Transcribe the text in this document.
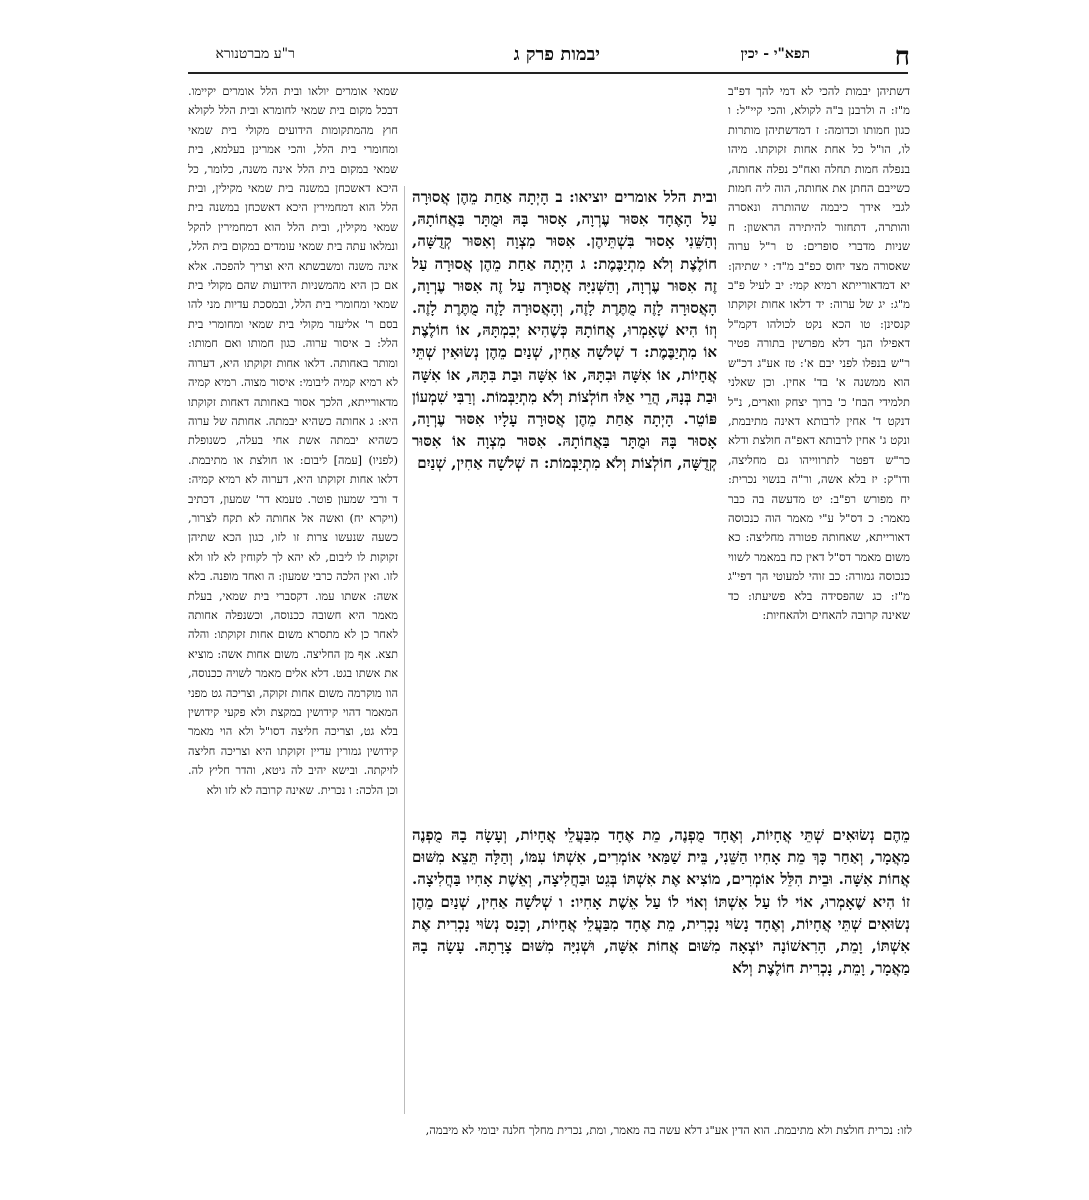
ח
תפא"י - יכין
יבמות פרק ג
ר"ע מברטנורא
דשתיהן יבמות להכי לא דמי להך דפ"ב מ"ז: ה ולרבנן ב"ה לקולא, והכי קיי"ל: ו כגון חמותו וכדומה: ז דמדשתיהן מותרות לו, הו"ל כל אחת אחות זקוקתו. מיהו בנפלה חמות תחלה ואח"כ נפלה אחותה, כשייבם החתן את אחותה, הוה ליה חמות לגבי אידך כיבמה שהותרה ונאסרה והותרה, דתחזור להיתירה הראשון: ח שניות מדברי סופרים: ט ר"ל ערוה שאסורה מצד יחוס כפ"ב מ"ד: י שתיהן: יא דמדאורייתא רמיא קמי: יב לעיל פ"ב מ"ג: יג של ערוה: יד דלאו אחות זקוקתו קנסינן: טו הכא נקט לכולהו דקמ"ל דאפילו הנך דלא מפרשין בתורה פטיר ר"ש בנפלו לפני יבם א': טז אע"ג דכ"ש הוא ממשנה א' בד' אחין. וכן שאלני תלמידי הבח' כ' ברוך יצחק ווארים, נ"ל דנקט ד' אחין לרבותא דאינה מתיבמת, ונקט ג' אחין לרבותא דאפ"ה חולצת ודלא כר"ש דפטר לתרווייהו גם מחליצה, ודו"ק: יז בלא אשה, ור"ה בנשוי נכרית: יח מפורש רפ"ב: יט מדעשה בה כבר מאמר: כ דס"ל ע"י מאמר הוה כנכוסה דאורייתא, שאחותה פטורה מחליצה: כא משום מאמר דס"ל דאין כח במאמר לשווי כנכוסה גמורה: כב זוהי למעוטי הך דפי"ג מ"ז: כג שהפסידה בלא פשיעתו: כד שאינה קרובה להאחים ולהאחיות:
שמאי אומרים יולאו ובית הלל אומרים יקיימו. דבכל מקום בית שמאי לחומרא ובית הלל לקולא חוץ מהמתקומות הידועים מקולי בית שמאי ומחומרי בית הלל, והכי אמרינן בעלמא, בית שמאי במקום בית הלל אינה משנה, כלומר, כל היכא דאשכחן במשנה בית שמאי מקילין, ובית הלל הוא דמחמירין היכא דאשכחן במשנה בית שמאי מקילין, ובית הלל הוא דמחמירין להקל ונמלאו עתה בית שמאי עומדים במקום בית הלל, אינה משנה ומשבשתא היא וצריך להפכה. אלא אם כן היא מהמשניות הידועות שהם מקולי בית שמאי ומחומרי בית הלל, ובמסכת עדיות מני להו בסם ר' אליעזר מקולי בית שמאי ומחומרי בית הלל: ב איסור ערוה. כגון חמותו ואם חמותו: ומותר באחותה. דלאו אחות זקוקתו היא, דערוה לא רמיא קמיה ליבומי: איסור מצוה. רמיא קמיה מדאורייתא, הלכך אסור באחותה דאחות זקוקתו היא: ג אחותה כשהיא יבמתה. אחותה של ערוה כשהיא יבמתה אשת אחי בעלה, כשנופלת (לפניו) [עמה] ליבום: או חולצת או מתיבמת. דלאו אחות זקוקתו היא, דערוה לא רמיא קמיה: ד ורבי שמעון פוטר. טעמא דר' שמעון, דכתיב (ויקרא יח) ואשה אל אחותה לא תקח לצרור, כשעה שנעשו צרות זו לזו, כגון הכא שתיהן זקוקות לו ליבום, לא יהא לך לקוחין לא לזו ולא לזו. ואין הלכה כרבי שמעון: ה ואחד מופנה. בלא אשה: אשתו עמו. דקסברי בית שמאי, בעלת מאמר היא חשובה ככנוסה, וכשנפלה אחותה לאחר כן לא מתסרא משום אחות זקוקתו: והלה תצא. אף מן החליצה. משום אחות אשה: מוציא את אשתו בגט. דלא אלים מאמר לשויה ככנוסה, הוו מוקרמה משום אחות זקוקה, וצריכה גט מפני המאמר דהוי קידושין במקצת ולא פקעי קידושין בלא גט, וצריכה חליצה דסו"ל ולא הוי מאמר קידושין גמורין עדיין זקוקתו היא וצריכה חליצה לזיקתה. ובישא יהיב לה גיטא, והדר חליץ לה. וכן הלכה: ו נכרית. שאינה קרובה לא לזו ולא
ובית הלל אומרים יוציאו: ב הָיְתָה אַחַת מֵהֶן אֲסוּרָה עַל הָאֶחָד אִסּוּר עֶרְוָה, אָסוּר בָּהּ וּמֻתָּר בַּאֲחוֹתָהּ, וְהַשֵּׁנִי אָסוּר בִּשְׁתֵּיהֶן. אִסּוּר מִצְוָה וְאִסּוּר קְדֻשָּׁה, חוֹלֶצֶת וְלֹא מִתְיַבֶּמֶת: ג הָיְתָה אַחַת מֵהֶן אֲסוּרָה עַל זֶה אִסּוּר עֶרְוָה, וְהַשְּׁנִיָּה אֲסוּרָה עַל זֶה אִסּוּר עֶרְוָה, הָאֲסוּרָה לָזֶה מֻתֶּרֶת לָזֶה, וְהָאֲסוּרָה לָזֶה מֻתֶּרֶת לָזֶה. וְזוֹ הִיא שֶׁאָמְרוּ, אֲחוֹתָהּ כְּשֶׁהִיא יְבִמְתָּהּ, אוֹ חוֹלֶצֶת אוֹ מִתְיַבֶּמֶת: ד שְׁלֹשָׁה אַחִין, שְׁנַיִם מֵהֶן נְשׂוּאִין שְׁתֵּי אֲחָיוֹת, אוֹ אִשָּׁה וּבִתָּהּ, אוֹ אִשָּׁה וּבַת בִּתָּהּ, אוֹ אִשָּׁה וּבַת בְּנָהּ, הֲרֵי אֵלּוּ חוֹלְצוֹת וְלֹא מִתְיַבְּמוֹת. וְרַבִּי שִׁמְעוֹן פּוֹטֵר. הָיְתָה אַחַת מֵהֶן אֲסוּרָה עָלָיו אִסּוּר עֶרְוָה, אָסוּר בָּהּ וּמֻתָּר בַּאֲחוֹתָהּ. אִסּוּר מִצְוָה אוֹ אִסּוּר קְדֻשָּׁה, חוֹלְצוֹת וְלֹא מִתְיַבְּמוֹת: ה שְׁלֹשָׁה אַחִין, שְׁנַיִם
מֵהֶם נְשׂוּאִים שְׁתֵּי אֲחָיוֹת, וְאֶחָד מֻפְנֶה, מֵת אֶחָד מִבַּעֲלֵי אֲחָיוֹת, וְעָשָׂה בָהּ מֻפְנֶה מַאֲמָר, וְאַחַר כָּךְ מֵת אָחִיו הַשֵּׁנִי, בֵּית שַׁמַּאי אוֹמְרִים, אִשְׁתּוֹ עִמּוֹ, וְהַלָּה תֵּצֵא מִשּׁוּם אֲחוֹת אִשָּׁה. וּבֵית הִלֵּל אוֹמְרִים, מוֹצִיא אֶת אִשְׁתּוֹ בְּגֵט וּבַחֲלִיצָה, וְאֵשֶׁת אָחִיו בַּחֲלִיצָה. זוֹ הִיא שֶׁאָמְרוּ, אוֹי לוֹ עַל אִשְׁתּוֹ וְאוֹי לוֹ עַל אֵשֶׁת אָחִיו: ו שְׁלֹשָׁה אַחִין, שְׁנַיִם מֵהֶן נְשׂוּאִים שְׁתֵּי אֲחָיוֹת, וְאֶחָד נָשׂוּי נָכְרִית, מֵת אֶחָד מִבַּעֲלֵי אֲחָיוֹת, וְכָנַס נְשׂוּי נָכְרִית אֶת אִשְׁתּוֹ, וָמֵת, הָרִאשׁוֹנָה יוֹצְאָה מִשּׁוּם אֲחוֹת אִשָּׁה, וּשְׁנִיָּה מִשּׁוּם צָרָתָהּ. עָשָׂה בָהּ מַאֲמָר, וָמֵת, נָכְרִית חוֹלֶצֶת וְלֹא
לזו: נכרית חולצת ולא מתיבמת. הוא הדין אע"ג דלא עשה בה מאמר, ומת, נכרית מחלך חלנה יבומי לא מיבמה,
